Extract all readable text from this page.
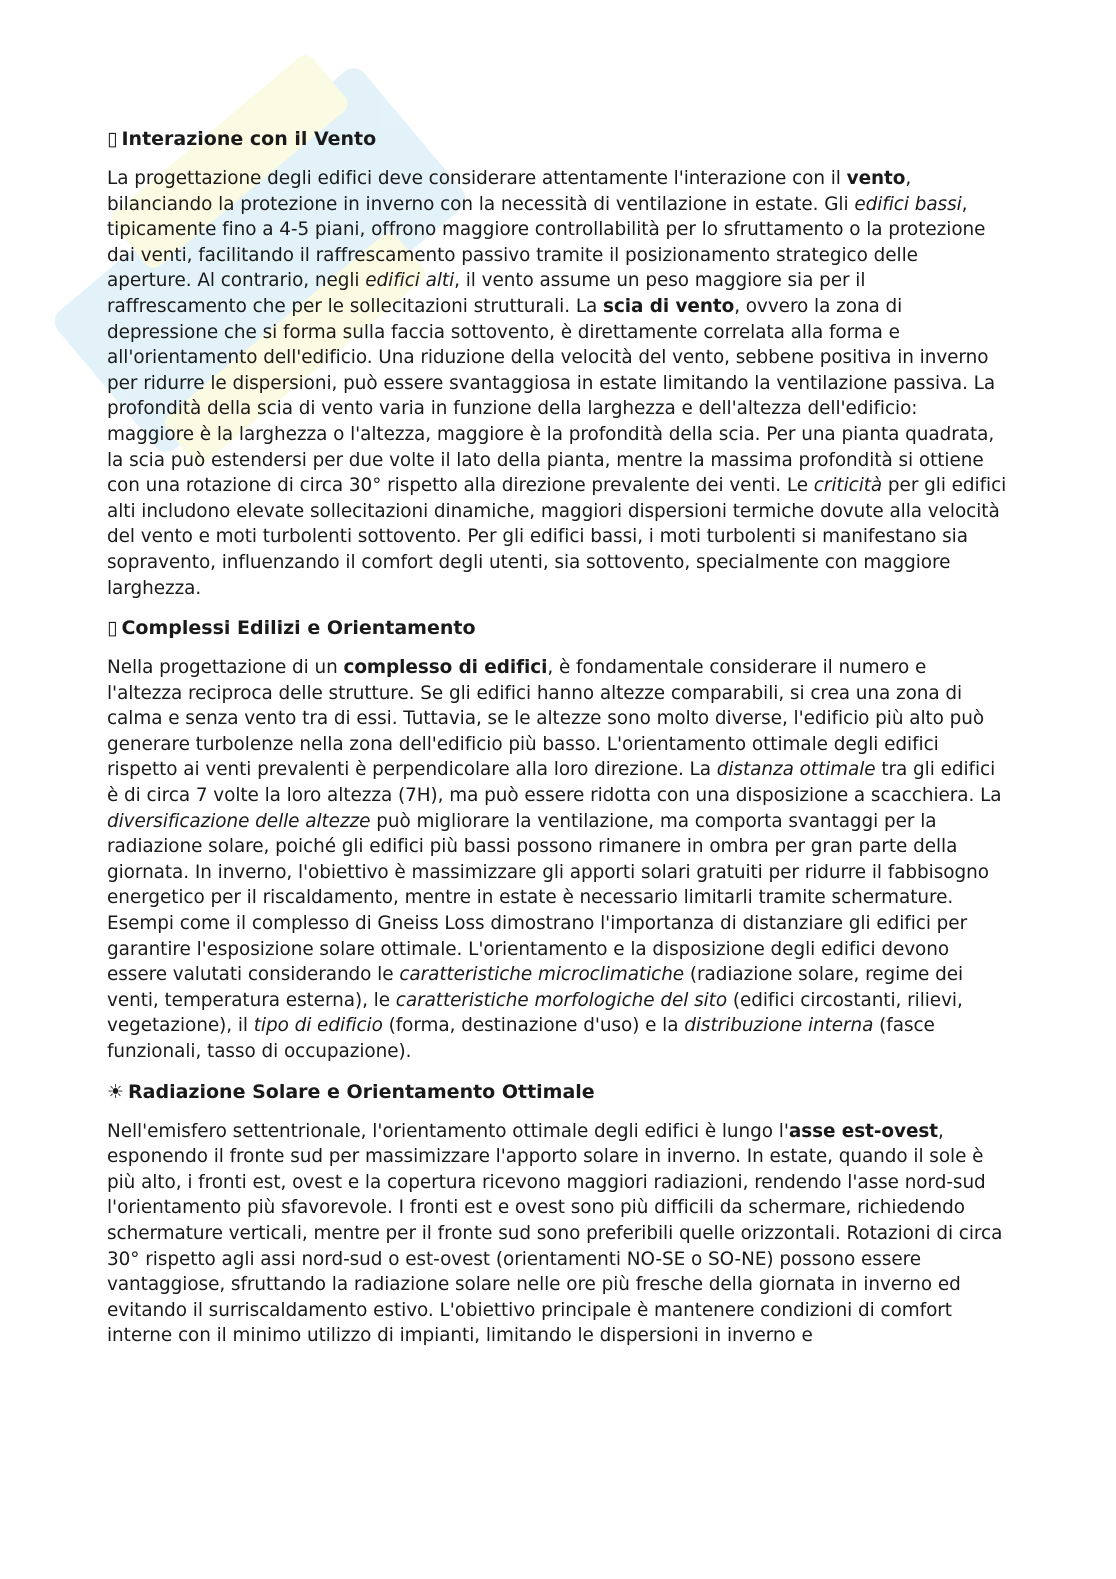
▯ Interazione con il Vento

La progettazione degli edifici deve considerare attentamente l'interazione con il vento, bilanciando la protezione in inverno con la necessità di ventilazione in estate. Gli edifici bassi, tipicamente fino a 4-5 piani, offrono maggiore controllabilità per lo sfruttamento o la protezione dai venti, facilitando il raffrescamento passivo tramite il posizionamento strategico delle aperture. Al contrario, negli edifici alti, il vento assume un peso maggiore sia per il raffrescamento che per le sollecitazioni strutturali. La scia di vento, ovvero la zona di depressione che si forma sulla faccia sottovento, è direttamente correlata alla forma e all'orientamento dell'edificio. Una riduzione della velocità del vento, sebbene positiva in inverno per ridurre le dispersioni, può essere svantaggiosa in estate limitando la ventilazione passiva. La profondità della scia di vento varia in funzione della larghezza e dell'altezza dell'edificio: maggiore è la larghezza o l'altezza, maggiore è la profondità della scia. Per una pianta quadrata, la scia può estendersi per due volte il lato della pianta, mentre la massima profondità si ottiene con una rotazione di circa 30° rispetto alla direzione prevalente dei venti. Le criticità per gli edifici alti includono elevate sollecitazioni dinamiche, maggiori dispersioni termiche dovute alla velocità del vento e moti turbolenti sottovento. Per gli edifici bassi, i moti turbolenti si manifestano sia sopravento, influenzando il comfort degli utenti, sia sottovento, specialmente con maggiore larghezza.

▯ Complessi Edilizi e Orientamento

Nella progettazione di un complesso di edifici, è fondamentale considerare il numero e l'altezza reciproca delle strutture. Se gli edifici hanno altezze comparabili, si crea una zona di calma e senza vento tra di essi. Tuttavia, se le altezze sono molto diverse, l'edificio più alto può generare turbolenze nella zona dell'edificio più basso. L'orientamento ottimale degli edifici rispetto ai venti prevalenti è perpendicolare alla loro direzione. La distanza ottimale tra gli edifici è di circa 7 volte la loro altezza (7H), ma può essere ridotta con una disposizione a scacchiera. La diversificazione delle altezze può migliorare la ventilazione, ma comporta svantaggi per la radiazione solare, poiché gli edifici più bassi possono rimanere in ombra per gran parte della giornata. In inverno, l'obiettivo è massimizzare gli apporti solari gratuiti per ridurre il fabbisogno energetico per il riscaldamento, mentre in estate è necessario limitarli tramite schermature. Esempi come il complesso di Gneiss Loss dimostrano l'importanza di distanziare gli edifici per garantire l'esposizione solare ottimale. L'orientamento e la disposizione degli edifici devono essere valutati considerando le caratteristiche microclimatiche (radiazione solare, regime dei venti, temperatura esterna), le caratteristiche morfologiche del sito (edifici circostanti, rilievi, vegetazione), il tipo di edificio (forma, destinazione d'uso) e la distribuzione interna (fasce funzionali, tasso di occupazione).

☀ Radiazione Solare e Orientamento Ottimale

Nell'emisfero settentrionale, l'orientamento ottimale degli edifici è lungo l'asse est-ovest, esponendo il fronte sud per massimizzare l'apporto solare in inverno. In estate, quando il sole è più alto, i fronti est, ovest e la copertura ricevono maggiori radiazioni, rendendo l'asse nord-sud l'orientamento più sfavorevole. I fronti est e ovest sono più difficili da schermare, richiedendo schermature verticali, mentre per il fronte sud sono preferibili quelle orizzontali. Rotazioni di circa 30° rispetto agli assi nord-sud o est-ovest (orientamenti NO-SE o SO-NE) possono essere vantaggiose, sfruttando la radiazione solare nelle ore più fresche della giornata in inverno ed evitando il surriscaldamento estivo. L'obiettivo principale è mantenere condizioni di comfort interne con il minimo utilizzo di impianti, limitando le dispersioni in inverno e
